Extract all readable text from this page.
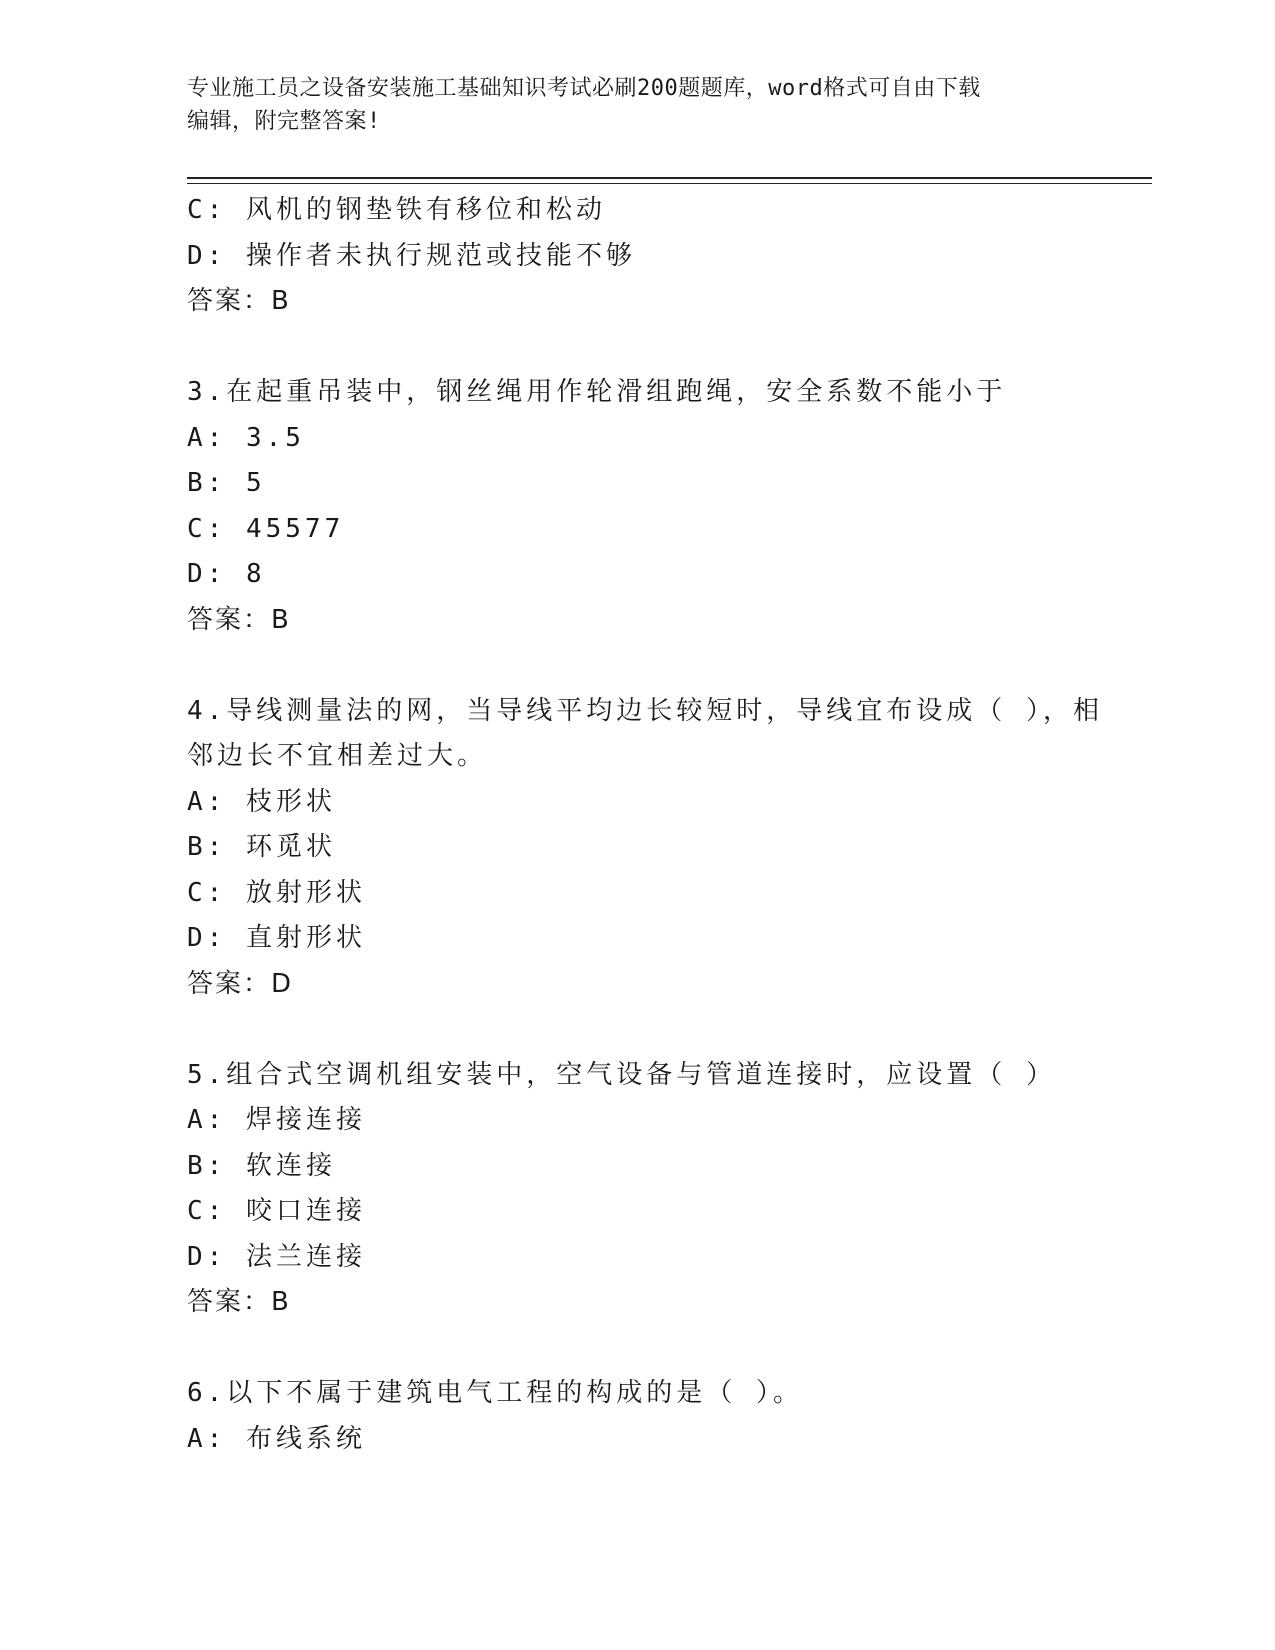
专业施工员之设备安装施工基础知识考试必刷200题题库，word格式可自由下载
编辑，附完整答案!
C: 风机的钢垫铁有移位和松动
D: 操作者未执行规范或技能不够
答案：B
3.在起重吊装中，钢丝绳用作轮滑组跑绳，安全系数不能小于
A: 3.5
B: 5
C: 45577
D: 8
答案：B
4.导线测量法的网，当导线平均边长较短时，导线宜布设成（ ），相
邻边长不宜相差过大。
A: 枝形状
B: 环觅状
C: 放射形状
D: 直射形状
答案：D
5.组合式空调机组安装中，空气设备与管道连接时，应设置（ ）
A: 焊接连接
B: 软连接
C: 咬口连接
D: 法兰连接
答案：B
6.以下不属于建筑电气工程的构成的是（ ）。
A: 布线系统
